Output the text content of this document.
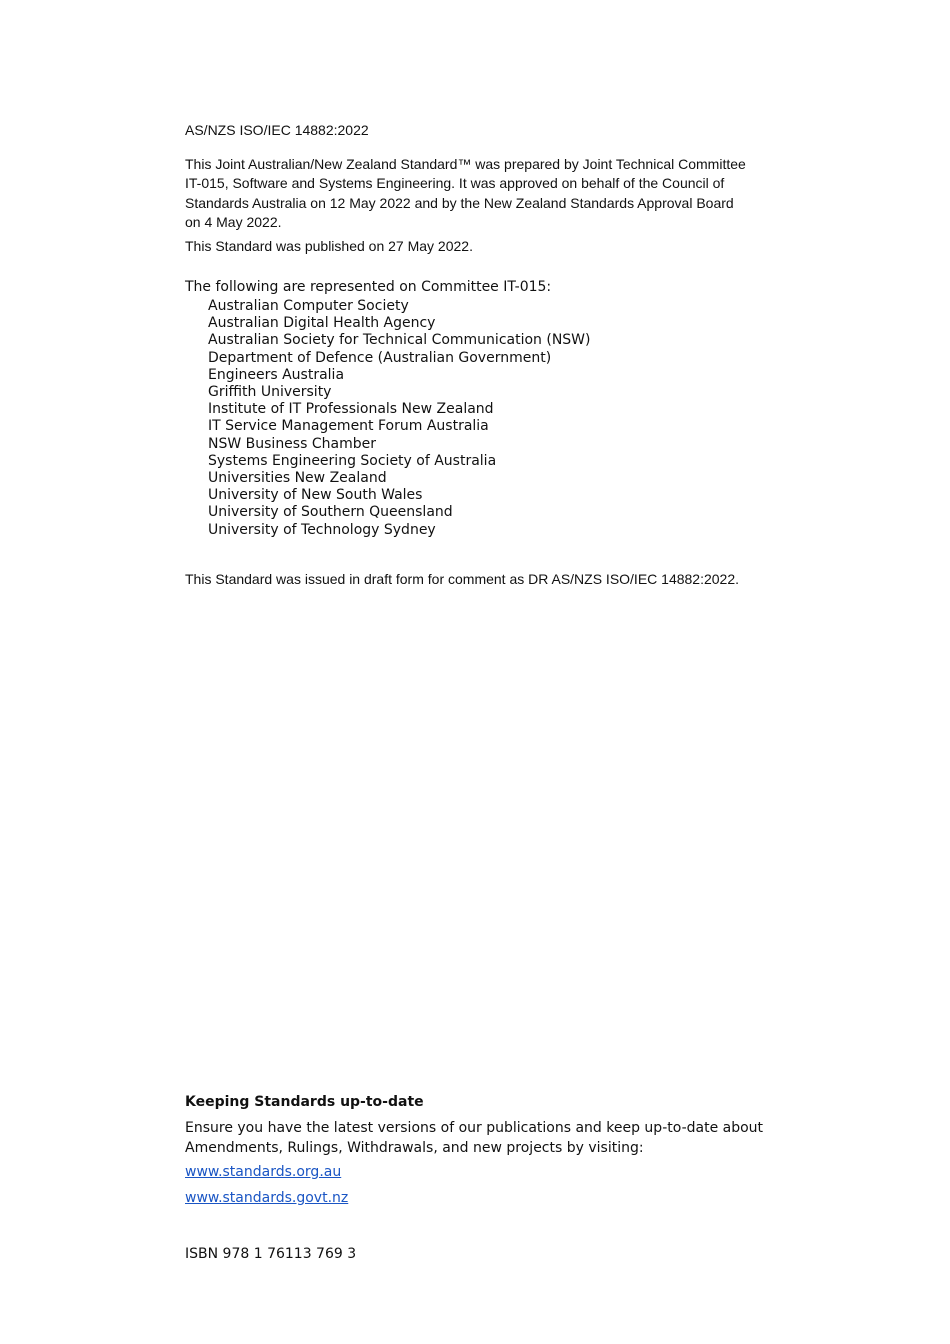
AS/NZS ISO/IEC 14882:2022
This Joint Australian/New Zealand Standard™ was prepared by Joint Technical Committee
IT-015, Software and Systems Engineering. It was approved on behalf of the Council of
Standards Australia on 12 May 2022 and by the New Zealand Standards Approval Board
on 4 May 2022.
This Standard was published on 27 May 2022.
The following are represented on Committee IT-015:
Australian Computer Society
Australian Digital Health Agency
Australian Society for Technical Communication (NSW)
Department of Defence (Australian Government)
Engineers Australia
Griffith University
Institute of IT Professionals New Zealand
IT Service Management Forum Australia
NSW Business Chamber
Systems Engineering Society of Australia
Universities New Zealand
University of New South Wales
University of Southern Queensland
University of Technology Sydney
This Standard was issued in draft form for comment as DR AS/NZS ISO/IEC 14882:2022.
Keeping Standards up-to-date
Ensure you have the latest versions of our publications and keep up-to-date about
Amendments, Rulings, Withdrawals, and new projects by visiting:
www.standards.org.au
www.standards.govt.nz
ISBN 978 1 76113 769 3
